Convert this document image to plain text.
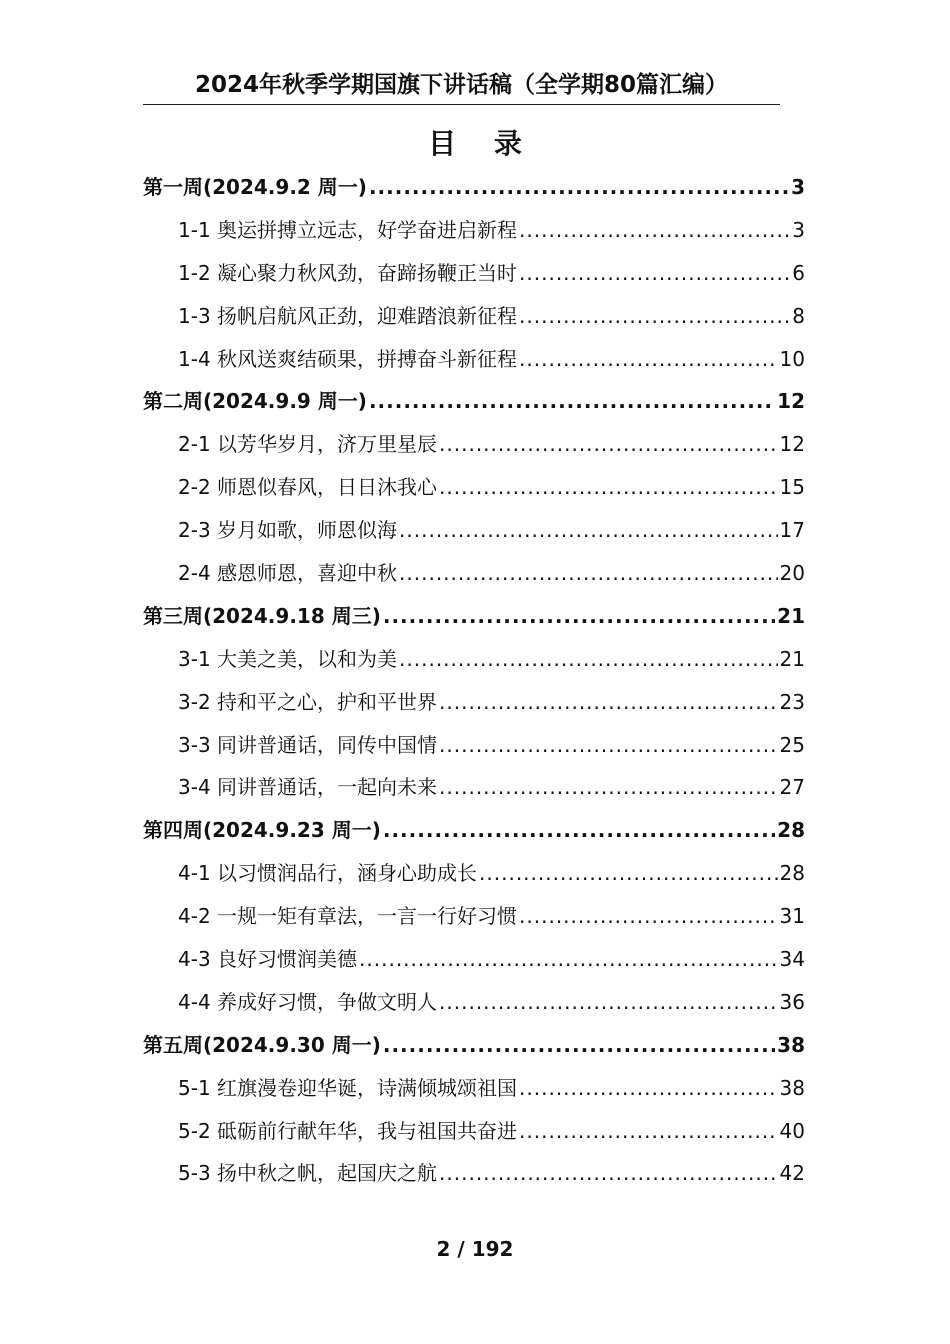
2024年秋季学期国旗下讲话稿（全学期80篇汇编）
目 录
第一周(2024.9.2 周一) .....	3
1-1 奥运拼搏立远志，好学奋进启新程 .....	3
1-2 凝心聚力秋风劲，奋蹄扬鞭正当时 .....	6
1-3 扬帆启航风正劲，迎难踏浪新征程 .....	8
1-4 秋风送爽结硕果，拼搏奋斗新征程 .....	10
第二周(2024.9.9 周一) .....	12
2-1 以芳华岁月，济万里星辰 .....	12
2-2 师恩似春风，日日沐我心 .....	15
2-3 岁月如歌，师恩似海 .....	17
2-4 感恩师恩，喜迎中秋 .....	20
第三周(2024.9.18 周三) .....	21
3-1 大美之美，以和为美 .....	21
3-2 持和平之心，护和平世界 .....	23
3-3 同讲普通话，同传中国情 .....	25
3-4 同讲普通话，一起向未来 .....	27
第四周(2024.9.23 周一) .....	28
4-1 以习惯润品行，涵身心助成长 .....	28
4-2 一规一矩有章法，一言一行好习惯 .....	31
4-3 良好习惯润美德 .....	34
4-4 养成好习惯，争做文明人 .....	36
第五周(2024.9.30 周一) .....	38
5-1 红旗漫卷迎华诞，诗满倾城颂祖国 .....	38
5-2 砥砺前行献年华，我与祖国共奋进 .....	40
5-3 扬中秋之帆，起国庆之航 .....	42
2 / 192
